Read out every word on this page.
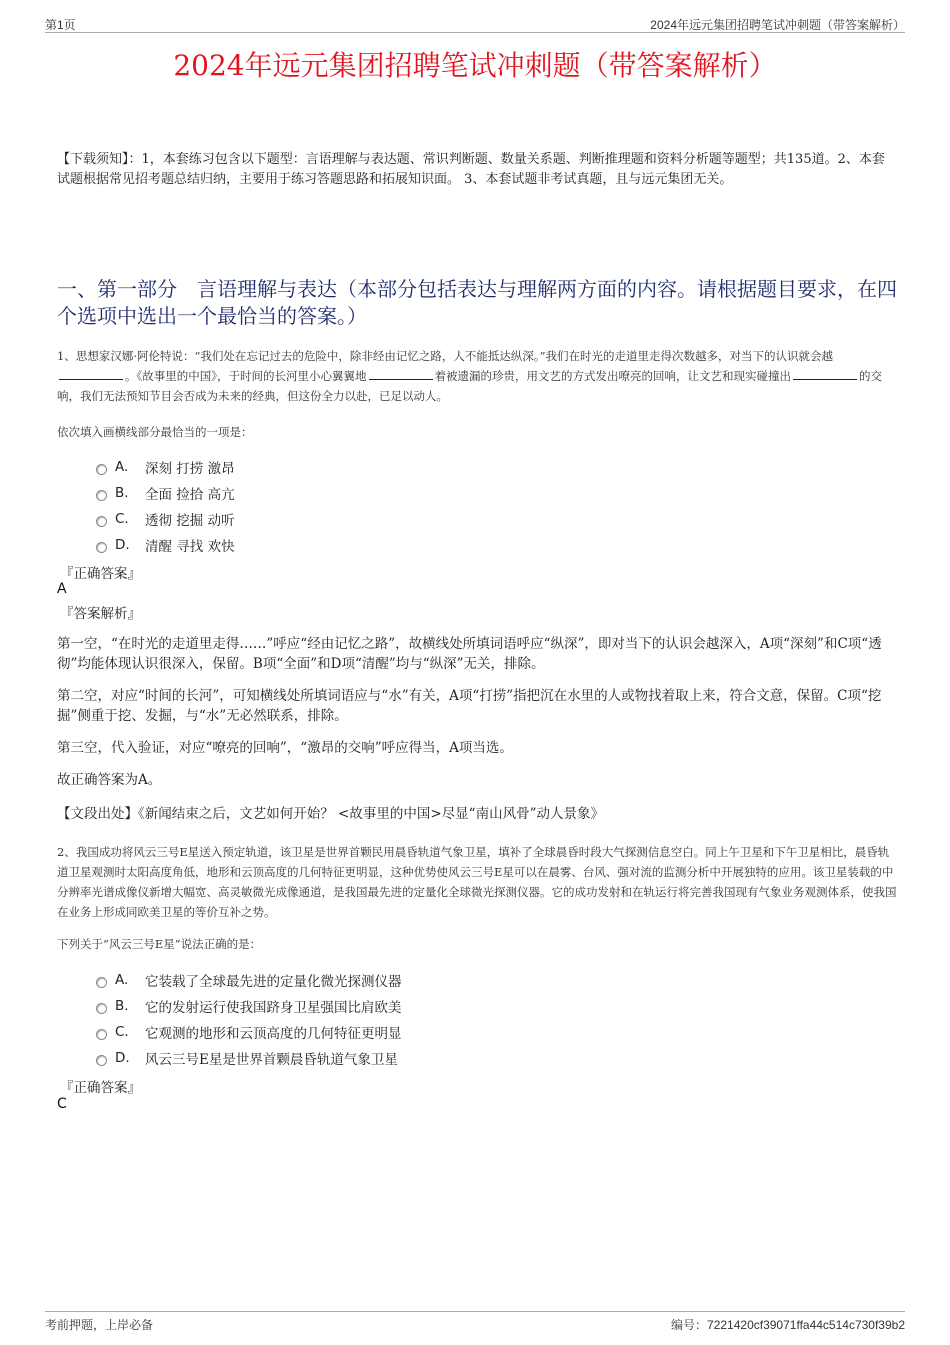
第1页	2024年远元集团招聘笔试冲刺题（带答案解析）
2024年远元集团招聘笔试冲刺题（带答案解析）
【下载须知】：1，本套练习包含以下题型：言语理解与表达题、常识判断题、数量关系题、判断推理题和资料分析题等题型；共135道。2、本套试题根据常见招考题总结归纳，主要用于练习答题思路和拓展知识面。 3、本套试题非考试真题，且与远元集团无关。
一、第一部分　言语理解与表达（本部分包括表达与理解两方面的内容。请根据题目要求，在四个选项中选出一个最恰当的答案。）
1、思想家汉娜·阿伦特说：“我们处在忘记过去的危险中，除非经由记忆之路，人不能抵达纵深。”我们在时光的走道里走得次数越多，对当下的认识就会越。《故事里的中国》，于时间的长河里小心翼翼地	着被遗漏的珍贵，用文艺的方式发出嘹亮的回响，让文艺和现实碰撞出	的交响，我们无法预知节目会否成为未来的经典，但这份全力以赴，已足以动人。
依次填入画横线部分最恰当的一项是：
A.	深刻 打捞 激昂
B.	全面 捡拾 高亢
C.	透彻 挖掘 动听
D.	清醒 寻找 欢快
『正确答案』
A
『答案解析』
第一空，“在时光的走道里走得……”呼应“经由记忆之路”，故横线处所填词语呼应“纵深”，即对当下的认识会越深入，A项“深刻”和C项“透彻”均能体现认识很深入，保留。B项“全面”和D项“清醒”均与“纵深”无关，排除。
第二空，对应“时间的长河”，可知横线处所填词语应与“水”有关，A项“打捞”指把沉在水里的人或物找着取上来，符合文意，保留。C项“挖掘”侧重于挖、发掘，与“水”无必然联系，排除。
第三空，代入验证，对应“嘹亮的回响”，“激昂的交响”呼应得当，A项当选。
故正确答案为A。
【文段出处】《新闻结束之后，文艺如何开始？ <故事里的中国>尽显“南山风骨”动人景象》
2、我国成功将风云三号E星送入预定轨道，该卫星是世界首颗民用晨昏轨道气象卫星，填补了全球晨昏时段大气探测信息空白。同上午卫星和下午卫星相比，晨昏轨道卫星观测时太阳高度角低，地形和云顶高度的几何特征更明显，这种优势使风云三号E星可以在晨雾、台风、强对流的监测分析中开展独特的应用。该卫星装载的中分辨率光谱成像仪新增大幅宽、高灵敏微光成像通道，是我国最先进的定量化全球微光探测仪器。它的成功发射和在轨运行将完善我国现有气象业务观测体系，使我国在业务上形成同欧美卫星的等价互补之势。
下列关于“风云三号E星”说法正确的是：
A.	它装载了全球最先进的定量化微光探测仪器
B.	它的发射运行使我国跻身卫星强国比肩欧美
C.	它观测的地形和云顶高度的几何特征更明显
D.	风云三号E星是世界首颗晨昏轨道气象卫星
『正确答案』
C
考前押题，上岸必备	编号：7221420cf39071ffa44c514c730f39b2
